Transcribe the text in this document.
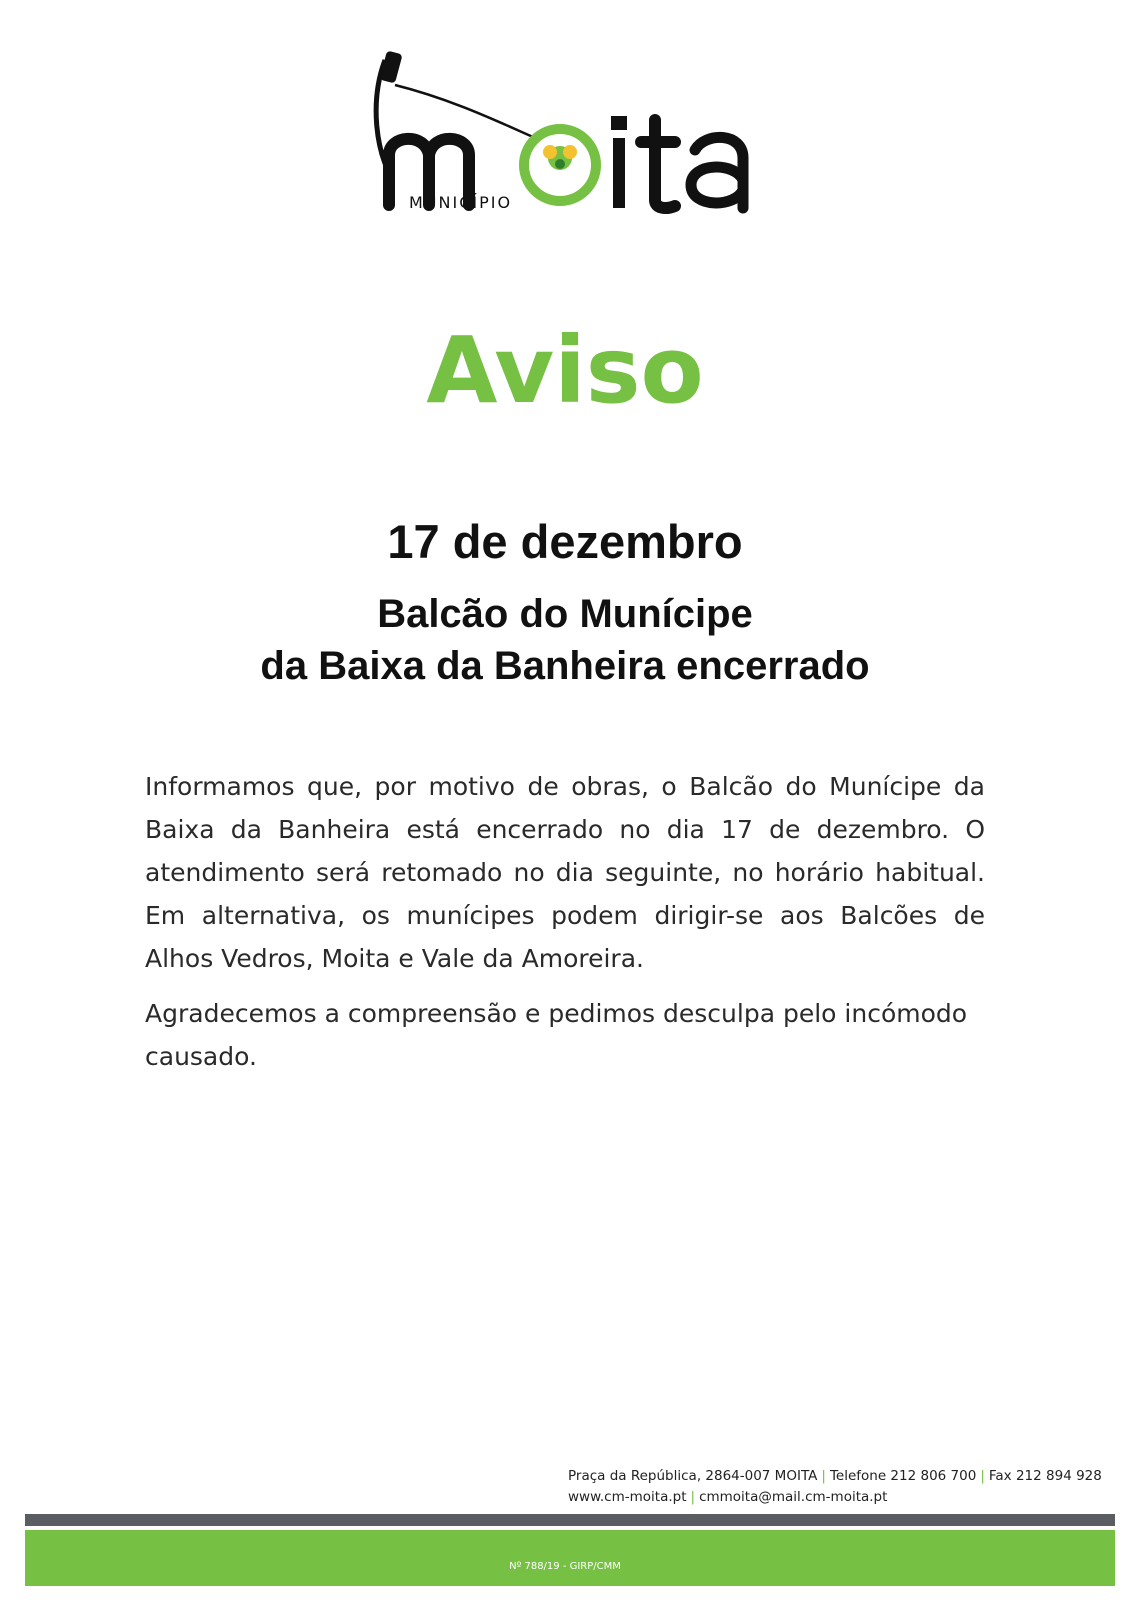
MUNICÍPIO
Aviso
17 de dezembro
Balcão do Munícipe
da Baixa da Banheira encerrado

Informamos que, por motivo de obras, o Balcão do Munícipe da Baixa da Banheira está encerrado no dia 17 de dezembro. O atendimento será retomado no dia seguinte, no horário habitual. Em alternativa, os munícipes podem dirigir-se aos Balcões de Alhos Vedros, Moita e Vale da Amoreira.

Agradecemos a compreensão e pedimos desculpa pelo incómodo causado.

Praça da República, 2864-007 MOITA | Telefone 212 806 700 | Fax 212 894 928
www.cm-moita.pt | cmmoita@mail.cm-moita.pt
Nº 788/19 - GIRP/CMM
